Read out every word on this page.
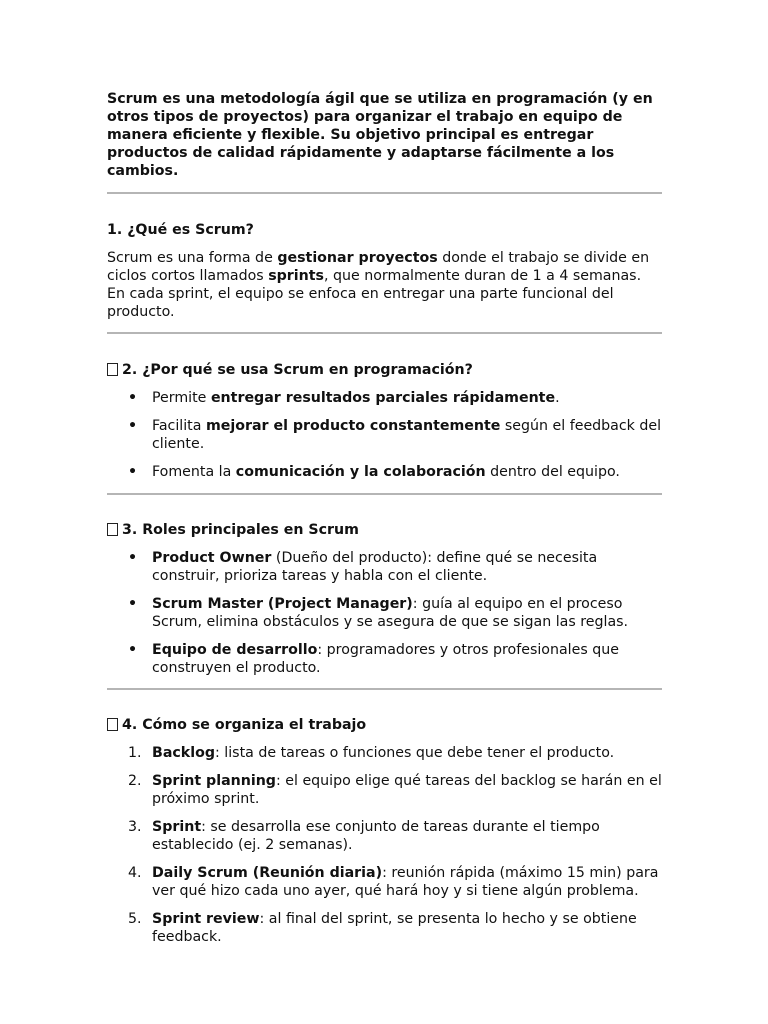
Scrum es una metodología ágil que se utiliza en programación (y en otros tipos de proyectos) para organizar el trabajo en equipo de manera eficiente y flexible. Su objetivo principal es entregar productos de calidad rápidamente y adaptarse fácilmente a los cambios.

1. ¿Qué es Scrum?

Scrum es una forma de gestionar proyectos donde el trabajo se divide en ciclos cortos llamados sprints, que normalmente duran de 1 a 4 semanas. En cada sprint, el equipo se enfoca en entregar una parte funcional del producto.

2. ¿Por qué se usa Scrum en programación?
• Permite entregar resultados parciales rápidamente.
• Facilita mejorar el producto constantemente según el feedback del cliente.
• Fomenta la comunicación y la colaboración dentro del equipo.
3. Roles principales en Scrum
• Product Owner (Dueño del producto): define qué se necesita construir, prioriza tareas y habla con el cliente.
• Scrum Master (Project Manager): guía al equipo en el proceso Scrum, elimina obstáculos y se asegura de que se sigan las reglas.
• Equipo de desarrollo: programadores y otros profesionales que construyen el producto.
4. Cómo se organiza el trabajo
1. Backlog: lista de tareas o funciones que debe tener el producto.
2. Sprint planning: el equipo elige qué tareas del backlog se harán en el próximo sprint.
3. Sprint: se desarrolla ese conjunto de tareas durante el tiempo establecido (ej. 2 semanas).
4. Daily Scrum (Reunión diaria): reunión rápida (máximo 15 min) para ver qué hizo cada uno ayer, qué hará hoy y si tiene algún problema.
5. Sprint review: al final del sprint, se presenta lo hecho y se obtiene feedback.
